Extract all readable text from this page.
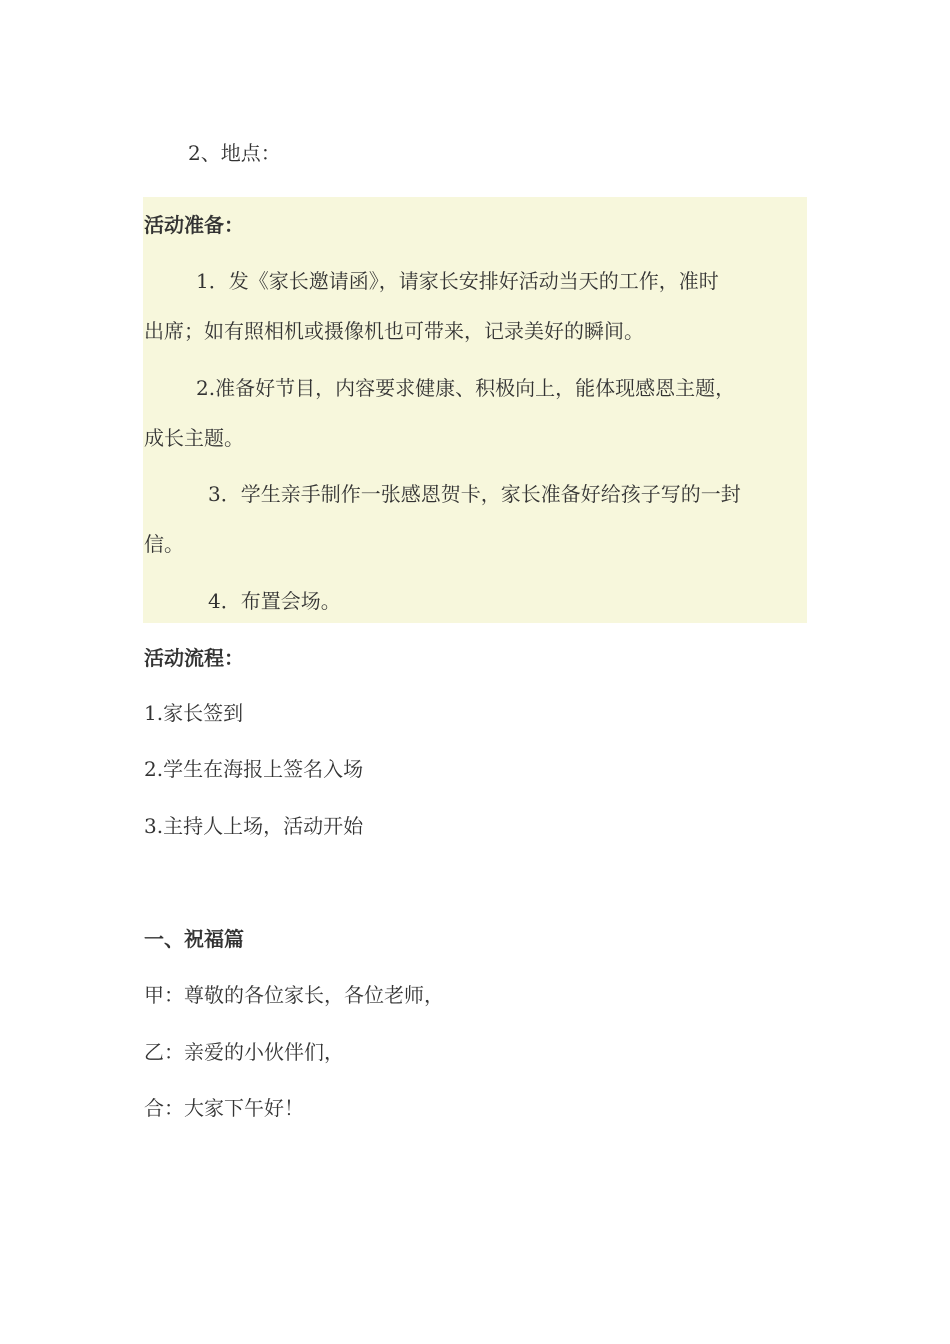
2、地点：
活动准备：
1．发《家长邀请函》，请家长安排好活动当天的工作，准时
出席；如有照相机或摄像机也可带来，记录美好的瞬间。
2.准备好节目，内容要求健康、积极向上，能体现感恩主题，
成长主题。
3．学生亲手制作一张感恩贺卡，家长准备好给孩子写的一封
信。
4．布置会场。
活动流程：
1.家长签到
2.学生在海报上签名入场
3.主持人上场，活动开始
一、祝福篇
甲：尊敬的各位家长，各位老师，
乙：亲爱的小伙伴们，
合：大家下午好！
